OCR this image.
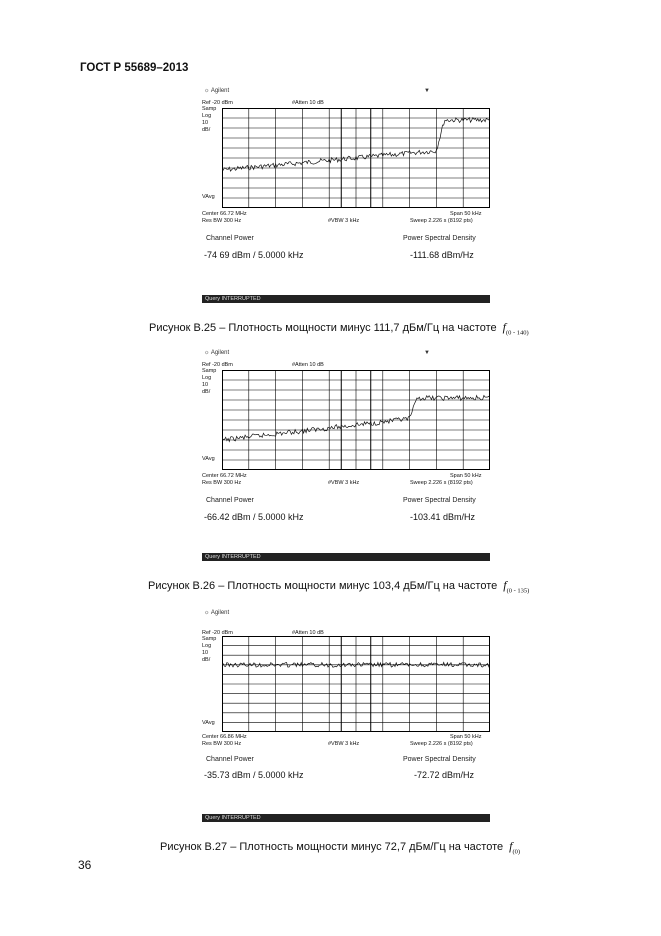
ГОСТ Р 55689–2013
☼ Agilent	▼
Ref -20 dBm	#Atten 10 dB
Samp
Log
10
dB/
VAvg
Center 66.72 MHz	Span 50 kHz
Res BW 300 Hz	#VBW 3 kHz	Sweep 2.226 s (8192 pts)
Channel Power	Power Spectral Density
-74 69 dBm / 5.0000 kHz	-111.68 dBm/Hz
Query INTERRUPTED
Рисунок В.25 – Плотность мощности минус 111,7 дБм/Гц на частоте $f_{(0 - 140)}$
☼ Agilent	▼
Ref -20 dBm	#Atten 10 dB
Samp
Log
10
dB/
VAvg
Center 66.72 MHz	Span 50 kHz
Res BW 300 Hz	#VBW 3 kHz	Sweep 2.226 s (8192 pts)
Channel Power	Power Spectral Density
-66.42 dBm / 5.0000 kHz	-103.41 dBm/Hz
Query INTERRUPTED
Рисунок В.26 – Плотность мощности минус 103,4 дБм/Гц на частоте $f_{(0 - 135)}$
☼ Agilent
Ref -20 dBm	#Atten 10 dB
Samp
Log
10
dB/
VAvg
Center 66.86 MHz	Span 50 kHz
Res BW 300 Hz	#VBW 3 kHz	Sweep 2.226 s (8192 pts)
Channel Power	Power Spectral Density
-35.73 dBm / 5.0000 kHz	-72.72 dBm/Hz
Query INTERRUPTED
Рисунок В.27 – Плотность мощности минус 72,7 дБм/Гц на частоте $f_{(0)}$
36
